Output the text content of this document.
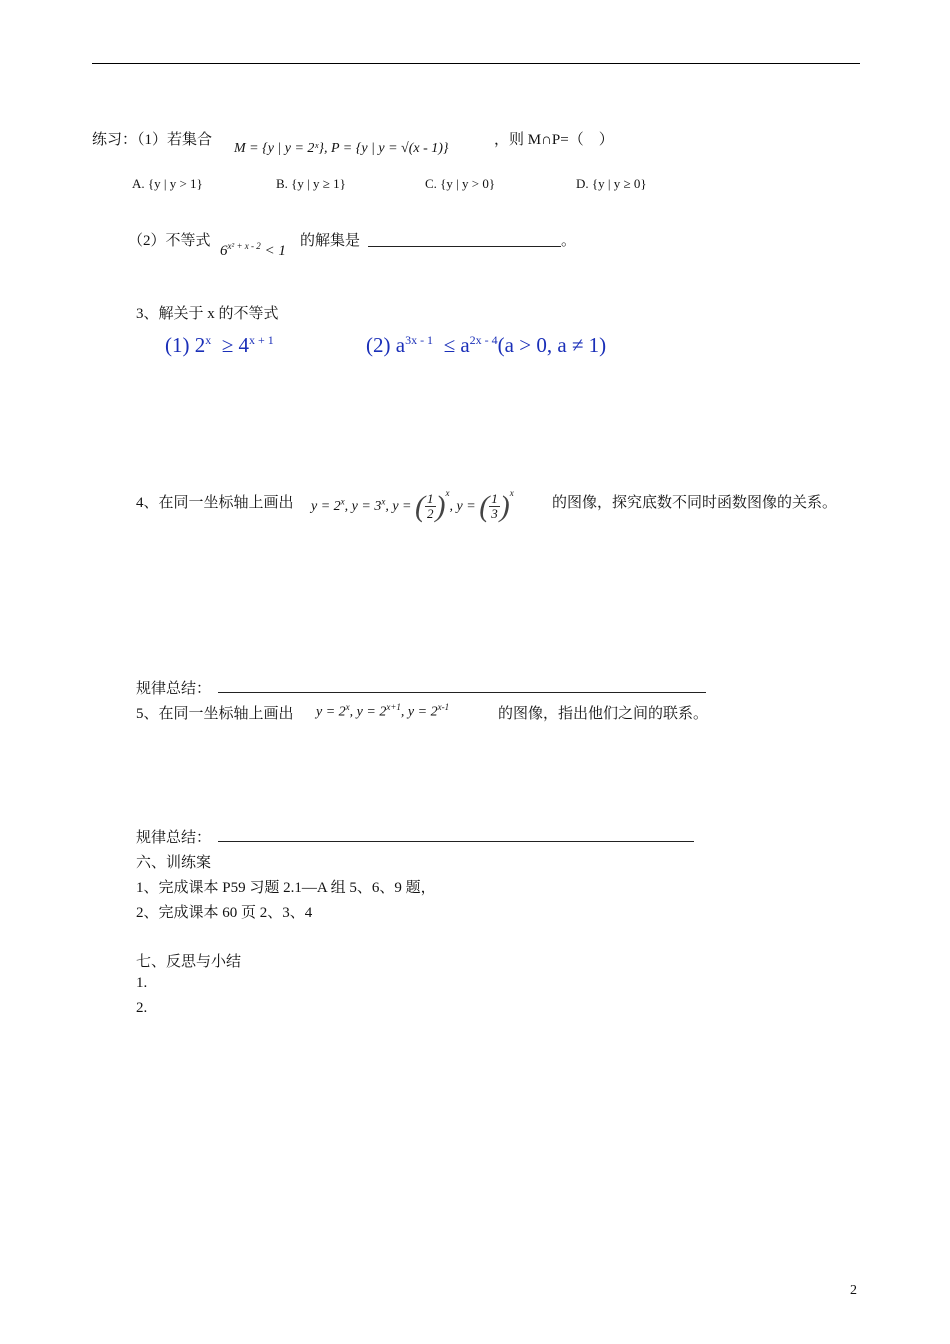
练习：（1）若集合
M = {y | y = 2ˣ}, P = {y | y = √(x - 1)}
，则 M∩P=（　）
A. {y | y > 1}	B. {y | y ≥ 1}	C. {y | y > 0}	D. {y | y ≥ 0}
（2）不等式
$6^{x^2 + x - 2} < 1$
的解集是	。
3、解关于 x 的不等式
(1) $2^x \ge 4^{x + 1}$	(2) $a^{3x - 1} \le a^{2x - 4}(a > 0$, a ≠ 1)
4、在同一坐标轴上画出 $y = 2^x$, $y = 3^x$, y = ( $\frac{1}{2} )^x$, y = ( $\frac{1}{3} )^x$
的图像，探究底数不同时函数图像的关系。
规律总结：
5、在同一坐标轴上画出 $y = 2^x$, $y = 2^{x+1}$, $y = 2^{x-1}$	的图像，指出他们之间的联系。
规律总结：
六、训练案
1、完成课本 P59 习题 2.1—A 组 5、6、9 题，
2、完成课本 60 页 2、3、4
七、反思与小结
1.
2.
2
